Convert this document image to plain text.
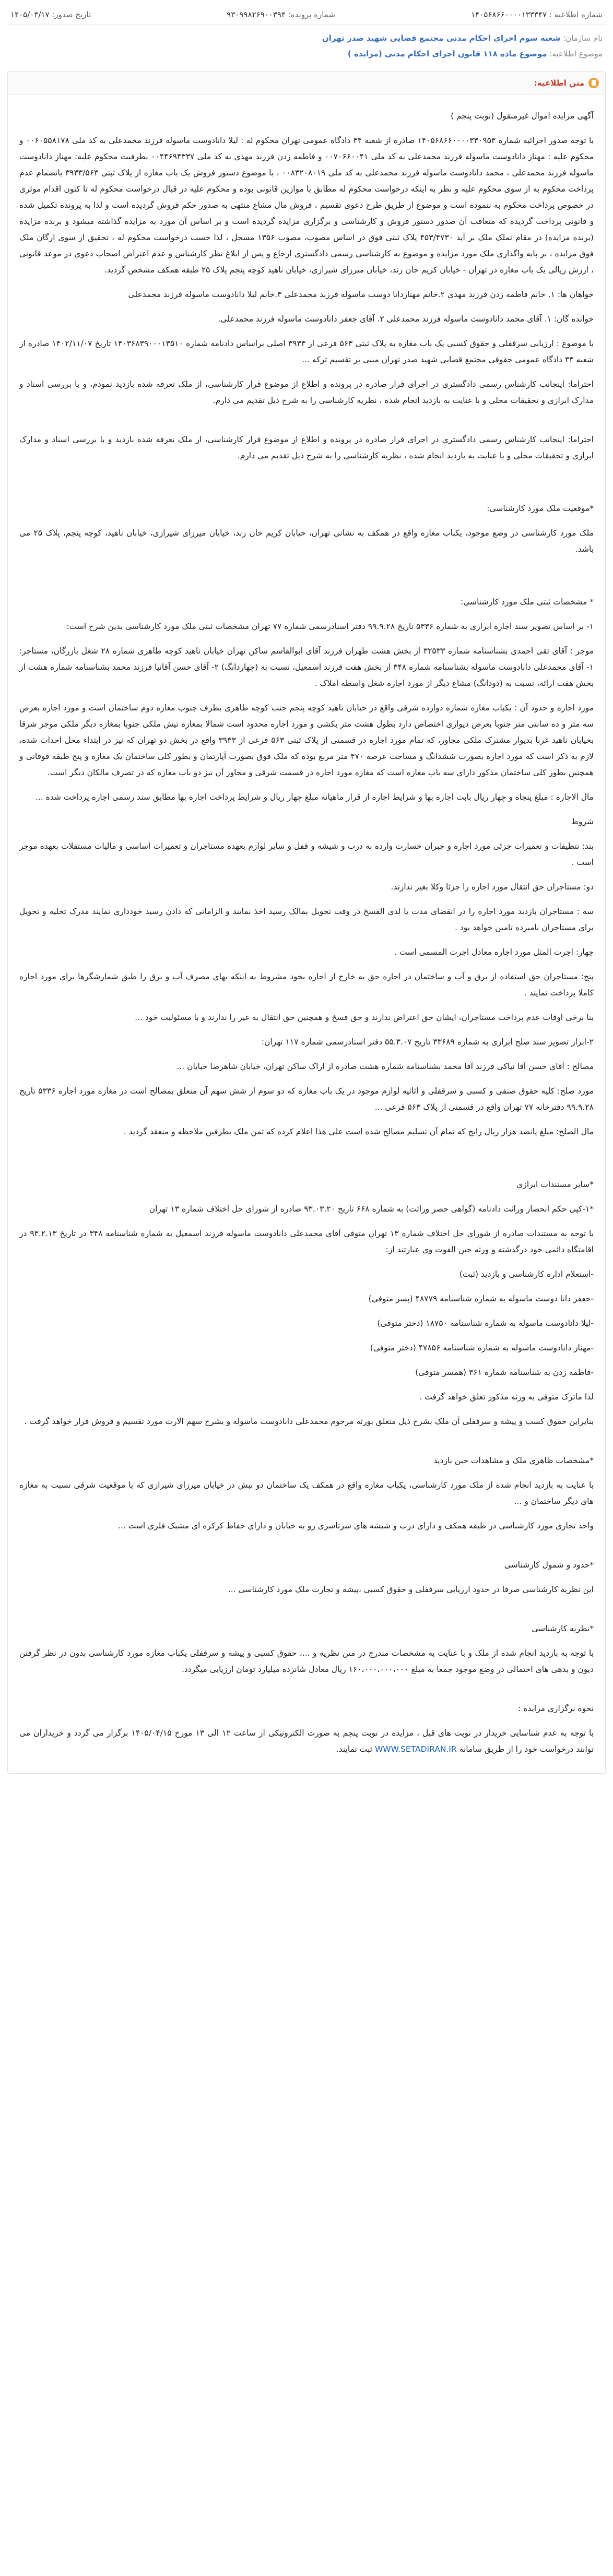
شماره اطلاعیه : ۱۴۰۵۶۸۶۶۰۰۰۰۱۳۳۳۴۷
شماره پرونده: ۹۳۰۹۹۸۲۶۹۰۰۳۹۴
تاریخ صدور: ۱۴۰۵/۰۳/۱۷
نام سازمان: شعبه سوم اجرای احکام مدنی مجتمع قضایی شهید صدر تهران
موضوع اطلاعیه: موضوع ماده ۱۱۸ قانون اجرای احکام مدنی (مزایده )
متن اطلاعیه:

آگهی مزایده اموال غیرمنقول (نوبت پنجم )

با توجه صدور اجرائیه شماره ۱۴۰۵۶۸۶۶۰۰۰۰۳۳۰۹۵۳ صادره از شعبه ۳۴ دادگاه عمومی تهران محکوم له : لیلا دانادوست ماسوله فرزند محمدعلی به کد ملی ۰۰۶۰۵۵۸۱۷۸ و محکوم علیه : مهناز دانادوست ماسوله فرزند محمدعلی به کد ملی ۰۰۷۰۶۶۰۰۴۱ و فاطمه زدن فرزند مهدی به کد ملی ۰۰۴۴۶۹۴۳۳۷ بطرفیت محکوم علیه: مهناز دانادوست ماسوله فرزند محمدعلی ، محمد دانادوست ماسوله فرزند محمدعلی به کد ملی ۰۰۸۳۲۰۸۰۱۹ ، با موضوع دستور فروش یک باب مغازه از پلاک ثبتی ۳۹۳۳/۵۶۳ بانضمام عدم پرداخت محکوم به از سوی محکوم علیه و نظر به اینکه درخواست محکوم له مطابق با موازین قانونی بوده و محکوم علیه در قبال درخواست محکوم له تا کنون اقدام موثری در خصوص پرداخت محکوم به ننموده است و موضوع از طریق طرح دعوی تقسیم ، فروش مال مشاع منتهی به صدور حکم فروش گردیده است و لذا به پرونده تکمیل شده و قانونی پرداخت گردیده که متعاقب آن صدور دستور فروش و کارشناسی و برگزاری مزایده گردیده است و بر اساس آن مورد به مزایده گذاشته میشود و برنده مزایده (برنده مزایده) در مقام تملک ملک بر آید ۴۵۳/۴۷۳۰ پلاک ثبتی فوق در اساس مصوب، مصوب ۱۳۵۶ مسجل ، لذا حسب درخواست محکوم له ، تحقیق از سوی ارگان ملک فوق مزایده ، بر پایه واگذاری ملک مورد مزایده و موضوع به کارشناسی رسمی دادگستری ارجاع و پس از ابلاغ نظر کارشناس و عدم اعتراض اصحاب دعوی در موعد قانونی ، ارزش ریالی یک باب مغازه در تهران - خیابان کریم خان زند، خیابان میرزای شیرازی، خیابان ناهید کوچه پنجم پلاک ۲۵ طبقه همکف مشخص گردید.

خواهان ها: ۱. خانم فاطمه زدن فرزند مهدی ۲.خانم مهنازدانا دوست ماسوله فرزند محمدعلی ۳.خانم لیلا دانادوست ماسوله فرزند محمدعلی

خوانده گان: ۱. آقای محمد دانادوست ماسوله فرزند محمدعلی ۲. آقای جعفر دانادوست ماسوله فرزند محمدعلی.

با موضوع : ارزیابی سرقفلی و حقوق کسبی یک باب مغازه به پلاک ثبتی ۵۶۳ فرعی از ۳۹۳۳ اصلی براساس دادنامه شماره ۱۴۰۳۶۸۳۹۰۰۰۱۳۵۱۰ تاریخ ۱۴۰۲/۱۱/۰۷ صادره از شعبه ۳۴ دادگاه عمومی حقوقی مجتمع قضایی شهید صدر تهران مبنی بر تقسیم ترکه ...

احتراما: اینجانب کارشناس رسمی دادگستری در اجرای قرار صادره در پرونده و اطلاع از موضوع قرار کارشناسی، از ملک تعرفه شده بازدید نمودم، و با بررسی اسناد و مدارک ابرازی و تحقیقات محلی و با عنایت به بازدید انجام شده ، نظریه کارشناسی را به شرح ذیل تقدیم می دارم.

احتراما: اینجانب کارشناس رسمی دادگستری در اجرای قرار صادره در پرونده و اطلاع از موضوع قرار کارشناسی، از ملک تعرفه شده بازدید و با بررسی اسناد و مدارک ابرازی و تحقیقات محلی و با عنایت به بازدید انجام شده ، نظریه کارشناسی را به شرح ذیل تقدیم می دارم.

*موقعیت ملک مورد کارشناسی:

ملک مورد کارشناسی در وضع موجود، یکباب مغازه واقع در همکف به نشانی تهران، خیابان کریم خان زند، خیابان میرزای شیرازی، خیابان ناهید، کوچه پنجم، پلاک ۲۵ می باشد.

* مشخصات ثبتی ملک مورد کارشناسی:

۱- بر اساس تصویر سند اجاره ابرازی به شماره ۵۳۳۶ تاریخ ۹۹.۹.۲۸ دفتر اسنادرسمی شماره ۷۷ تهران مشخصات ثبتی ملک مورد کارشناسی بدین شرح است:

موجر : آقای تقی احمدی بشناسنامه شماره ۳۲۵۳۳ از بخش هشت طهران فرزند آقای ابوالقاسم ساکن تهران خیابان ناهید کوچه طاهری شماره ۲۸ شغل بازرگان، مستاجر: ۱- آقای محمدعلی دانادوست ماسوله بشناسنامه شماره ۳۴۸ از بخش هفت فرزند اسمعیل، نسبت به (چهاردانگ) ۲- آقای حسن آقانیا فرزند محمد بشناسنامه شماره هشت از بخش هفت ارائه، نسبت به (دودانگ) مشاع دیگر از مورد اجاره شغل واسطه املاک .

مورد اجاره و حدود آن : یکباب مغازه شماره دوازده شرقی واقع در خیابان ناهید کوچه پنجم جنب کوچه طاهری بطرف جنوب مغازه دوم ساختمان است و مورد اجاره بعرض سه متر و ده سانتی متر جنوبا بعرض دیواری اختصاص دارد بطول هشت متر بکشی و مورد اجاره محدود است شمالا بمغازه تیش ملکی جنوبا بمغازه دیگر ملکی موجر شرقا بخیابان ناهید غربا بدیوار مشترک ملکی مجاور، که تمام مورد اجاره در قسمتی از پلاک ثبتی ۵۶۳ فرعی از ۳۹۳۳ واقع در بخش دو تهران که نیز در ابتداء محل احداث شده، لازم به ذکر است که مورد اجاره بصورت ششدانگ و مساحت عرصه ۴۷۰ متر مربع بوده که ملک فوق بصورت آپارتمان و بطور کلی ساختمان یک مغازه و پنج طبقه فوقانی و همچنین بطور کلی ساختمان مذکور دارای سه باب مغازه است که مغازه مورد اجاره در قسمت شرقی و مجاور آن نیز دو باب مغازه که در تصرف مالکان دیگر است.

مال الاجاره : مبلغ پنجاه و چهار ریال بابت اجاره بها و شرایط اجاره از قرار ماهیانه مبلغ چهار ریال و شرایط پرداخت اجاره بها مطابق سند رسمی اجاره پرداخت شده ...

شروط

بند: تنظیفات و تعمیرات جزئی مورد اجاره و جبران خسارت وارده به درب و شیشه و قفل و سایر لوازم بعهده مستاجران و تعمیرات اساسی و مالیات مستقلات بعهده موجر است .

دو: مستاجران حق انتقال مورد اجاره را جزئا وکلا بغیر ندارند.

سه : مستاجران بازدید مورد اجاره را در انقضای مدت یا لدی الفسخ در وقت تحویل بمالک رسید اخذ نمایند و الزاماتی که دادن رسید خودداری نمایند مدرک تخلیه و تحویل برای مستاجران نامبرده تامین خواهد بود .

چهار: اجرت المثل مورد اجاره معادل اجرت المسمی است .

پنج: مستاجران حق استفاده از برق و آب و ساختمان در اجاره حق به خارج از اجاره بخود مشروط به اینکه بهای مصرف آب و برق را طبق شمارشگرها برای مورد اجاره کاملا پرداخت نمایند .

بنا برخی اوقات عدم پرداخت مستاجران، ایشان حق اعتراض ندارند و حق فسخ و همچنین حق انتقال به غیر را ندارند و با مسئولیت خود ...

۲-ابراز تصویر سند صلح ابرازی به شماره ۳۳۶۸۹ تاریخ ۵۵.۳.۰۷ دفتر اسنادرسمی شماره ۱۱۷ تهران:

مصالح : آقای حسن آقا نیاکی فرزند آقا محمد بشناسنامه شماره هشت صادره از اراک ساکن تهران، خیابان شاهرضا خیابان ...

مورد صلح: کلیه حقوق صنفی و کسبی و سرقفلی و اثاثیه لوازم موجود در یک باب مغازه که دو سوم از شش سهم آن متعلق بمصالح است در مغازه مورد اجاره ۵۳۳۶ تاریخ ۹۹.۹.۲۸ دفترخانه ۷۷ تهران واقع در قسمتی از پلاک ۵۶۳ فرعی ...

مال الصلح: مبلغ پانصد هزار ریال رایج که تمام آن تسلیم مصالح شده است علی هذا اعلام کرده که ثمن ملک بطرفین ملاحظه و منعقد گردید .

*سایر مستندات ابرازی

*۱-کپی حکم انحصار وراثت دادنامه (گواهی حصر وراثت) به شماره ۶۶۸ تاریخ ۹۳.۰۳.۲۰ صادره از شورای حل اختلاف شماره ۱۳ تهران

با توجه به مستندات صادره از شورای حل اختلاف شماره ۱۳ تهران متوفی آقای محمدعلی دانادوست ماسوله فرزند اسمعیل به شماره شناسنامه ۳۴۸ در تاریخ ۹۳.۲.۱۳ در اقامتگاه دائمی خود درگذشته و ورثه حین الفوت وی عبارتند از:

-استعلام اداره کارشناسی و بازدید (ثبت)

-جعفر دانا دوست ماسوله به شماره شناسنامه ۴۸۷۷۹ (پسر متوفی)

-لیلا دانادوست ماسوله به شماره شناسنامه ۱۸۷۵۰ (دختر متوفی)

-مهناز دانادوست ماسوله به شماره شناسنامه ۴۷۸۵۶ (دختر متوفی)

-فاطمه زدن به شناسنامه شماره ۳۶۱ (همسر متوفی)

لذا ماترک متوفی به ورثه مذکور تعلق خواهد گرفت .

بنابراین حقوق کسب و پیشه و سرقفلی آن ملک بشرح ذیل متعلق بورثه مرحوم محمدعلی دانادوست ماسوله و بشرح سهم الارث مورد تقسیم و فروش قرار خواهد گرفت .

*مشخصات ظاهری ملک و مشاهدات حین بازدید

با عنایت به بازدید انجام شده از ملک مورد کارشناسی، یکباب مغازه واقع در همکف یک ساختمان دو نبش در خیابان میرزای شیرازی که با موقعیت شرقی نسبت به مغازه های دیگر ساختمان و ...

واحد تجاری مورد کارشناسی در طبقه همکف و دارای درب و شیشه های سرتاسری رو به خیابان و دارای حفاظ کرکره ای مشبک فلزی است ...

*حدود و شمول کارشناسی

این نظریه کارشناسی صرفا در حدود ارزیابی سرقفلی و حقوق کسبی ،پیشه و تجارت ملک مورد کارشناسی ...

*نظریه کارشناسی

با توجه به بازدید انجام شده از ملک و با عنایت به مشخصات مندرج در متن نظریه و ...، حقوق کسبی و پیشه و سرقفلی یکباب مغازه مورد کارشناسی بدون در نظر گرفتن دیون و بدهی های احتمالی در وضع موجود جمعا به مبلغ ۱۶۰،۰۰۰،۰۰۰،۰۰۰ ریال معادل شانزده میلیارد تومان ارزیابی میگردد.

نحوه برگزاری مزایده :

با توجه به عدم شناسایی خریدار در نوبت های قبل ، مزایده در نوبت پنجم به صورت الکترونیکی از ساعت ۱۲ الی ۱۳ مورخ ۱۴۰۵/۰۴/۱۵ برگزار می گردد و خریداران می توانند درخواست خود را از طریق سامانه WWW.SETADIRAN.IR ثبت نمایند.
